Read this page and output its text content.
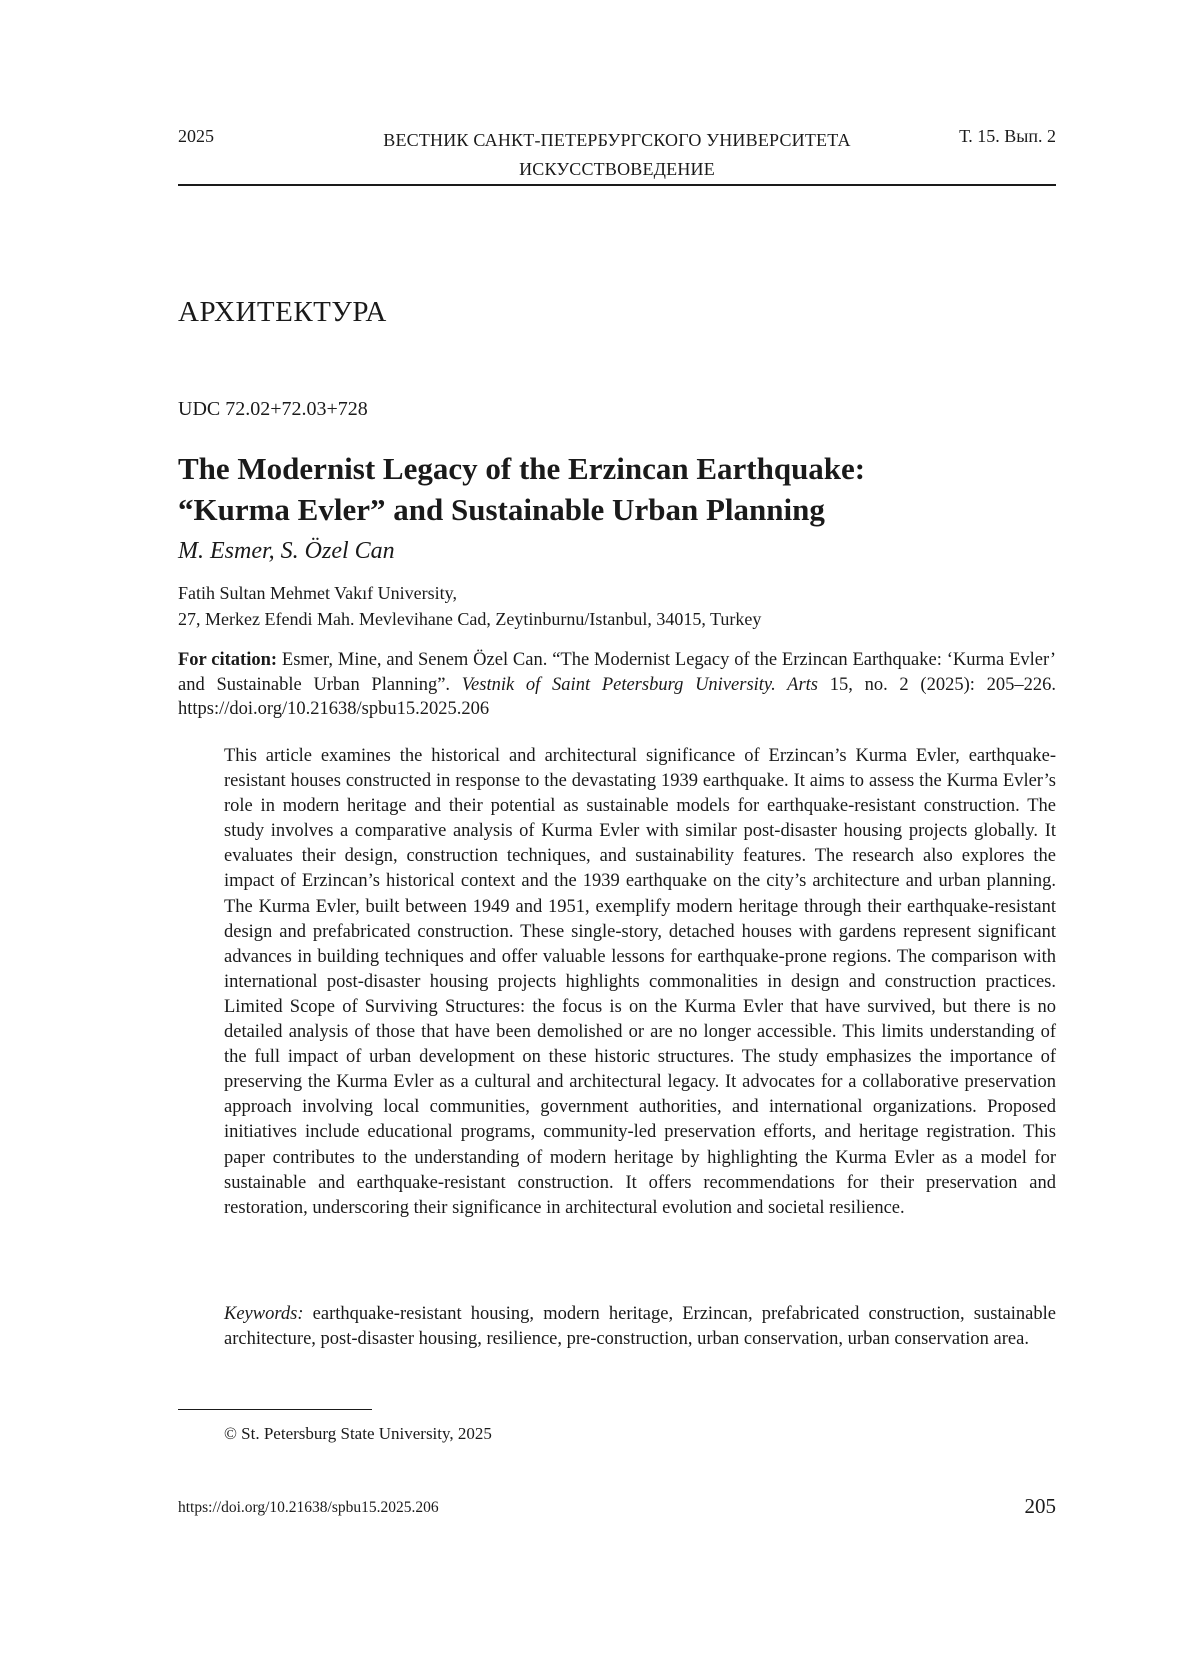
2025	ВЕСТНИК САНКТ-ПЕТЕРБУРГСКОГО УНИВЕРСИТЕТА
ИСКУССТВОВЕДЕНИЕ
Т. 15. Вып. 2
АРХИТЕКТУРА
UDC 72.02+72.03+728
The Modernist Legacy of the Erzincan Earthquake:
“Kurma Evler” and Sustainable Urban Planning
M. Esmer, S. Özel Can
Fatih Sultan Mehmet Vakıf University,
27, Merkez Efendi Mah. Mevlevihane Cad, Zeytinburnu/Istanbul, 34015, Turkey
For citation: Esmer, Mine, and Senem Özel Can. “The Modernist Legacy of the Erzincan Earthquake: ‘Kurma Evler’ and Sustainable Urban Planning”. Vestnik of Saint Petersburg University. Arts 15, no. 2 (2025): 205–226. https://doi.org/10.21638/spbu15.2025.206
This article examines the historical and architectural significance of Erzincan’s Kurma Evler, earthquake-resistant houses constructed in response to the devastating 1939 earthquake. It aims to assess the Kurma Evler’s role in modern heritage and their potential as sustainable models for earthquake-resistant construction. The study involves a comparative analysis of Kurma Evler with similar post-disaster housing projects globally. It evaluates their design, construction techniques, and sustainability features. The research also explores the impact of Erzincan’s historical context and the 1939 earthquake on the city’s architecture and urban planning. The Kurma Evler, built between 1949 and 1951, exemplify modern heritage through their earthquake-resistant design and prefabricated construction. These single-story, detached houses with gardens represent significant advances in building techniques and offer valuable lessons for earthquake-prone regions. The comparison with international post-disaster housing projects highlights commonalities in design and construction practices. Limited Scope of Surviving Structures: the focus is on the Kurma Evler that have survived, but there is no detailed analysis of those that have been demolished or are no longer accessible. This limits understanding of the full impact of urban development on these historic structures. The study emphasizes the importance of preserving the Kurma Evler as a cultural and architectural legacy. It advocates for a collaborative preservation approach involving local communities, government authorities, and international organizations. Proposed initiatives include educational programs, community-led preservation efforts, and heritage registration. This paper contributes to the understanding of modern heritage by highlighting the Kurma Evler as a model for sustainable and earthquake-resistant construction. It offers recommendations for their preservation and restoration, underscoring their significance in architectural evolution and societal resilience.
Keywords: earthquake-resistant housing, modern heritage, Erzincan, prefabricated construction, sustainable architecture, post-disaster housing, resilience, pre-construction, urban conservation, urban conservation area.
© St. Petersburg State University, 2025
https://doi.org/10.21638/spbu15.2025.206	205
